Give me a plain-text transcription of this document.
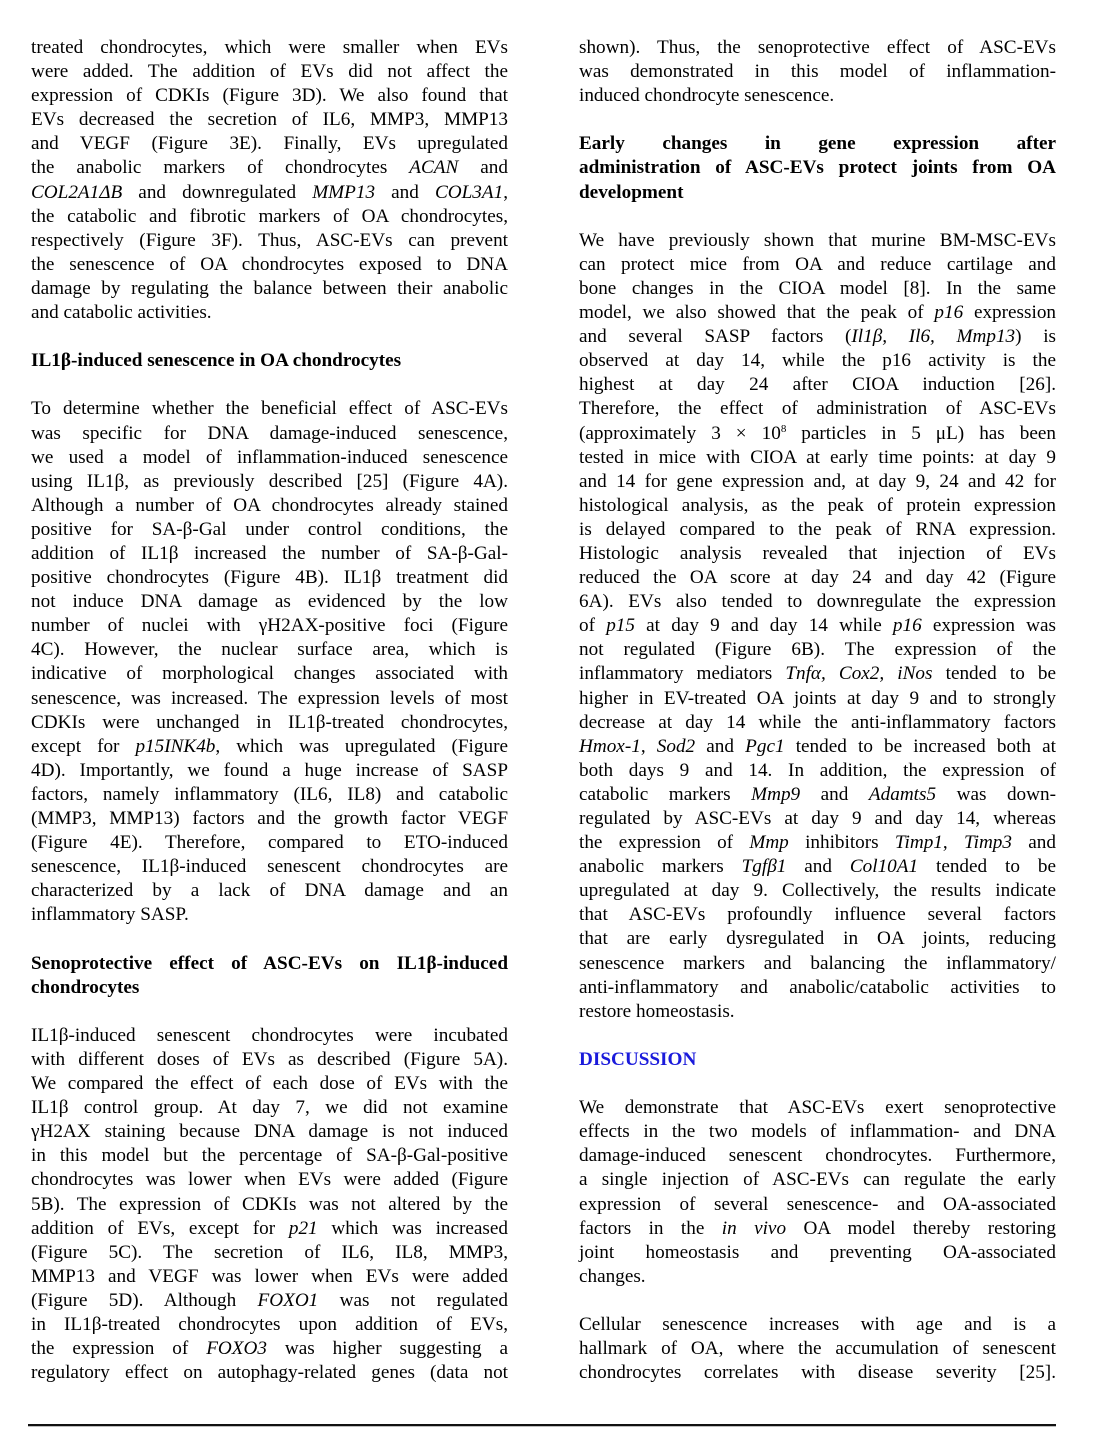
treated chondrocytes, which were smaller when EVs
were added. The addition of EVs did not affect the
expression of CDKIs (Figure 3D). We also found that
EVs decreased the secretion of IL6, MMP3, MMP13
and VEGF (Figure 3E). Finally, EVs upregulated
the anabolic markers of chondrocytes ACAN and
COL2A1ΔB and downregulated MMP13 and COL3A1,
the catabolic and fibrotic markers of OA chondrocytes,
respectively (Figure 3F). Thus, ASC-EVs can prevent
the senescence of OA chondrocytes exposed to DNA
damage by regulating the balance between their anabolic
and catabolic activities.
IL1β-induced senescence in OA chondrocytes
To determine whether the beneficial effect of ASC-EVs
was specific for DNA damage-induced senescence,
we used a model of inflammation-induced senescence
using IL1β, as previously described [25] (Figure 4A).
Although a number of OA chondrocytes already stained
positive for SA-β-Gal under control conditions, the
addition of IL1β increased the number of SA-β-Gal-
positive chondrocytes (Figure 4B). IL1β treatment did
not induce DNA damage as evidenced by the low
number of nuclei with γH2AX-positive foci (Figure
4C). However, the nuclear surface area, which is
indicative of morphological changes associated with
senescence, was increased. The expression levels of most
CDKIs were unchanged in IL1β-treated chondrocytes,
except for p15INK4b, which was upregulated (Figure
4D). Importantly, we found a huge increase of SASP
factors, namely inflammatory (IL6, IL8) and catabolic
(MMP3, MMP13) factors and the growth factor VEGF
(Figure 4E). Therefore, compared to ETO-induced
senescence, IL1β-induced senescent chondrocytes are
characterized by a lack of DNA damage and an
inflammatory SASP.
Senoprotective effect of ASC-EVs on IL1β-induced
chondrocytes
IL1β-induced senescent chondrocytes were incubated
with different doses of EVs as described (Figure 5A).
We compared the effect of each dose of EVs with the
IL1β control group. At day 7, we did not examine
γH2AX staining because DNA damage is not induced
in this model but the percentage of SA-β-Gal-positive
chondrocytes was lower when EVs were added (Figure
5B). The expression of CDKIs was not altered by the
addition of EVs, except for p21 which was increased
(Figure 5C). The secretion of IL6, IL8, MMP3,
MMP13 and VEGF was lower when EVs were added
(Figure 5D). Although FOXO1 was not regulated
in IL1β-treated chondrocytes upon addition of EVs,
the expression of FOXO3 was higher suggesting a
regulatory effect on autophagy-related genes (data not
shown). Thus, the senoprotective effect of ASC-EVs
was demonstrated in this model of inflammation-
induced chondrocyte senescence.
Early changes in gene expression after
administration of ASC-EVs protect joints from OA
development
We have previously shown that murine BM-MSC-EVs
can protect mice from OA and reduce cartilage and
bone changes in the CIOA model [8]. In the same
model, we also showed that the peak of p16 expression
and several SASP factors (Il1β, Il6, Mmp13) is
observed at day 14, while the p16 activity is the
highest at day 24 after CIOA induction [26].
Therefore, the effect of administration of ASC-EVs
(approximately $3 \times 10^8$ particles in 5 μL) has been
tested in mice with CIOA at early time points: at day 9
and 14 for gene expression and, at day 9, 24 and 42 for
histological analysis, as the peak of protein expression
is delayed compared to the peak of RNA expression.
Histologic analysis revealed that injection of EVs
reduced the OA score at day 24 and day 42 (Figure
6A). EVs also tended to downregulate the expression
of p15 at day 9 and day 14 while p16 expression was
not regulated (Figure 6B). The expression of the
inflammatory mediators Tnfα, Cox2, iNos tended to be
higher in EV-treated OA joints at day 9 and to strongly
decrease at day 14 while the anti-inflammatory factors
Hmox-1, Sod2 and Pgc1 tended to be increased both at
both days 9 and 14. In addition, the expression of
catabolic markers Mmp9 and Adamts5 was down-
regulated by ASC-EVs at day 9 and day 14, whereas
the expression of Mmp inhibitors Timp1, Timp3 and
anabolic markers Tgfβ1 and Col10A1 tended to be
upregulated at day 9. Collectively, the results indicate
that ASC-EVs profoundly influence several factors
that are early dysregulated in OA joints, reducing
senescence markers and balancing the inflammatory/
anti-inflammatory and anabolic/catabolic activities to
restore homeostasis.
DISCUSSION
We demonstrate that ASC-EVs exert senoprotective
effects in the two models of inflammation- and DNA
damage-induced senescent chondrocytes. Furthermore,
a single injection of ASC-EVs can regulate the early
expression of several senescence- and OA-associated
factors in the in vivo OA model thereby restoring
joint homeostasis and preventing OA-associated
changes.
Cellular senescence increases with age and is a
hallmark of OA, where the accumulation of senescent
chondrocytes correlates with disease severity [25].
